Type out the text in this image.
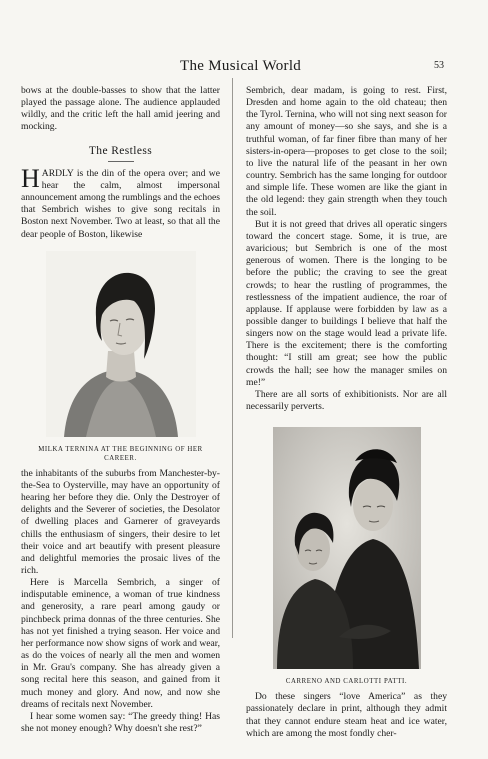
The Musical World	53

bows at the double-basses to show that the latter played the passage alone. The audience applauded wildly, and the critic left the hall amid jeering and mocking.

The Restless

HARDLY is the din of the opera over; and we hear the calm, almost impersonal announcement among the rumblings and the echoes that Sembrich wishes to give song recitals in Boston next November. Two at least, so that all the dear people of Boston, likewise

MILKA TERNINA AT THE BEGINNING OF HER CAREER.

the inhabitants of the suburbs from Manchester-by-the-Sea to Oysterville, may have an opportunity of hearing her before they die. Only the Destroyer of delights and the Severer of societies, the Desolator of dwelling places and Garnerer of graveyards chills the enthusiasm of singers, their desire to let their voice and art beautify with present pleasure and delightful memories the prosaic lives of the rich.

Here is Marcella Sembrich, a singer of indisputable eminence, a woman of true kindness and generosity, a rare pearl among gaudy or pinchbeck prima donnas of the three centuries. She has not yet finished a trying season. Her voice and her performance now show signs of work and wear, as do the voices of nearly all the men and women in Mr. Grau's company. She has already given a song recital here this season, and gained from it much money and glory. And now, and now she dreams of recitals next November.

I hear some women say: “The greedy thing! Has she not money enough? Why doesn't she rest?”

Sembrich, dear madam, is going to rest. First, Dresden and home again to the old chateau; then the Tyrol. Ternina, who will not sing next season for any amount of money—so she says, and she is a truthful woman, of far finer fibre than many of her sisters-in-opera—proposes to get close to the soil; to live the natural life of the peasant in her own country. Sembrich has the same longing for outdoor and simple life. These women are like the giant in the old legend: they gain strength when they touch the soil.

But it is not greed that drives all operatic singers toward the concert stage. Some, it is true, are avaricious; but Sembrich is one of the most generous of women. There is the longing to be before the public; the craving to see the great crowds; to hear the rustling of programmes, the restlessness of the impatient audience, the roar of applause. If applause were forbidden by law as a possible danger to buildings I believe that half the singers now on the stage would lead a private life. There is the excitement; there is the comforting thought: “I still am great; see how the public crowds the hall; see how the manager smiles on me!”

There are all sorts of exhibitionists. Nor are all necessarily perverts.

CARRENO AND CARLOTTI PATTI.

Do these singers “love America” as they passionately declare in print, although they admit that they cannot endure steam heat and ice water, which are among the most fondly cher-
